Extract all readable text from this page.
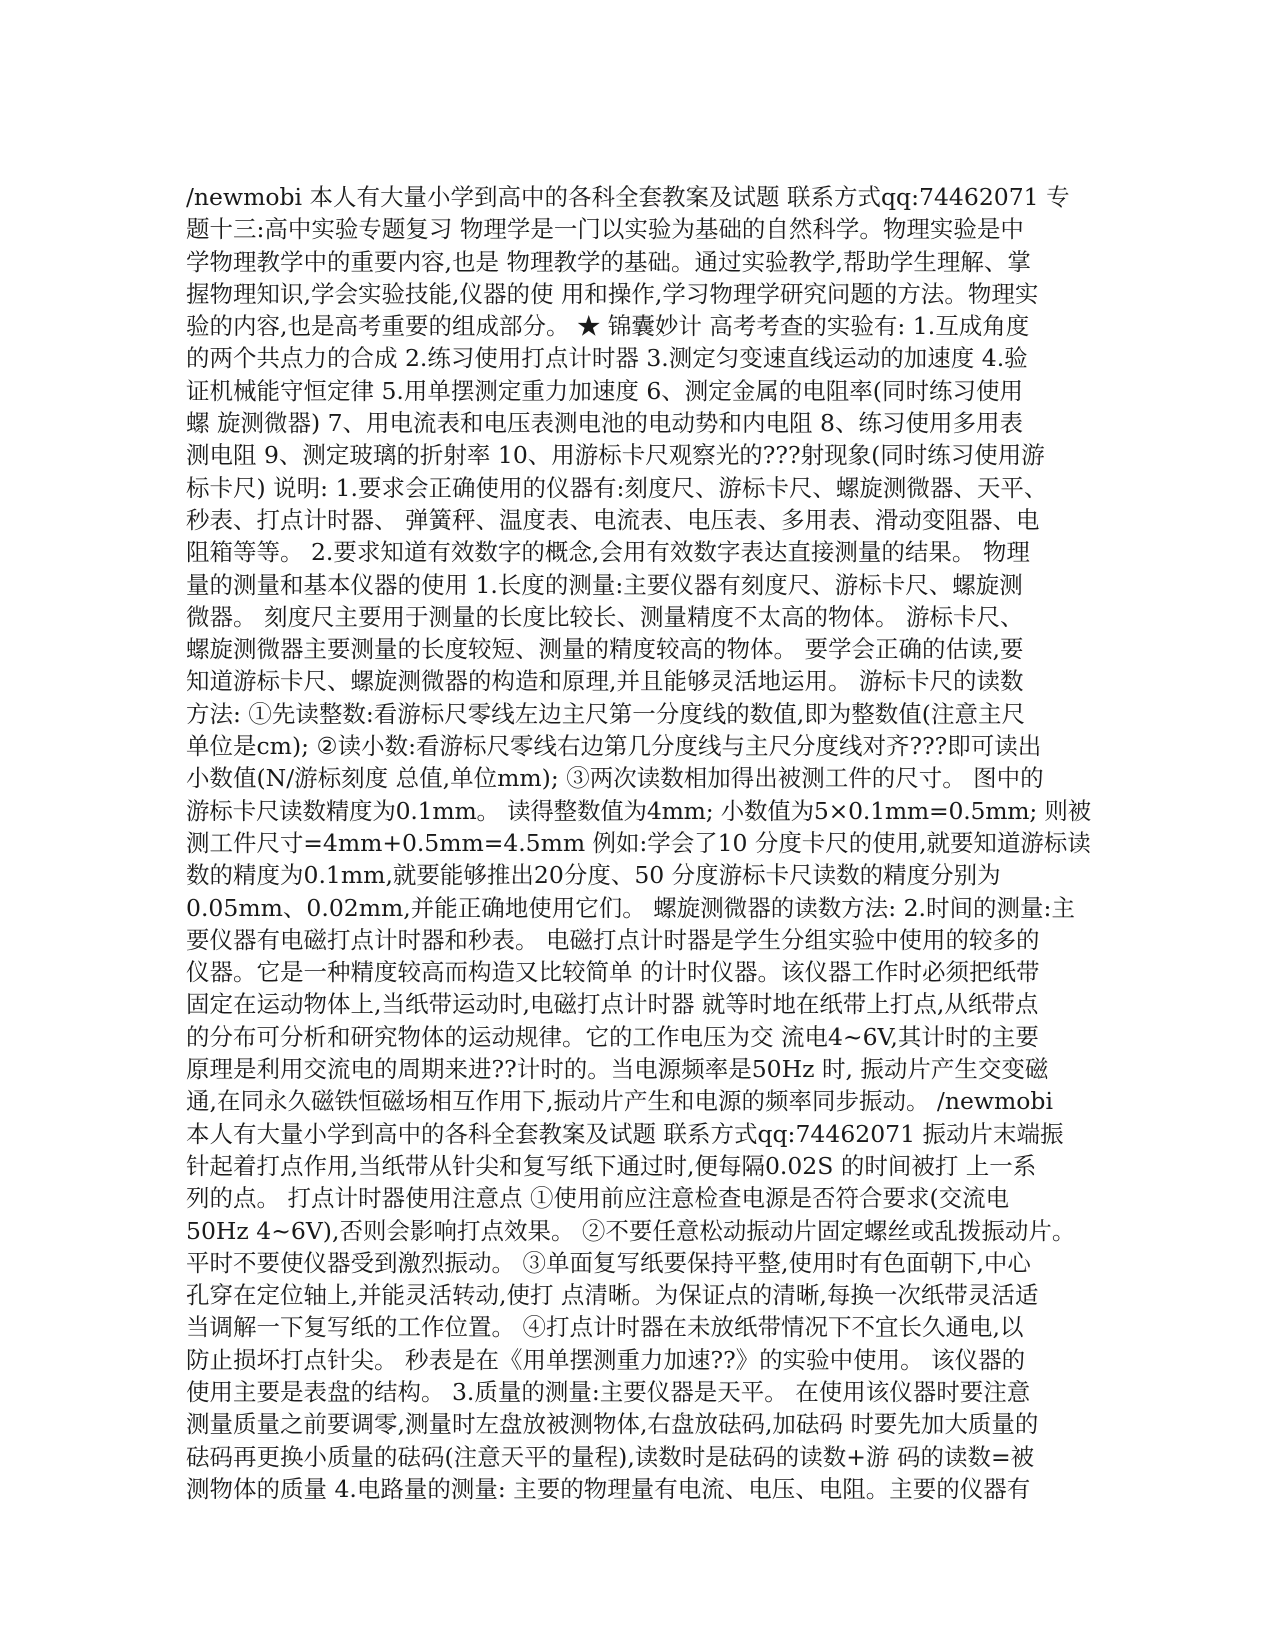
/newmobi 本人有大量小学到高中的各科全套教案及试题 联系方式qq:74462071 专
题十三:高中实验专题复习 物理学是一门以实验为基础的自然科学。物理实验是中
学物理教学中的重要内容,也是 物理教学的基础。通过实验教学,帮助学生理解、掌
握物理知识,学会实验技能,仪器的使 用和操作,学习物理学研究问题的方法。物理实
验的内容,也是高考重要的组成部分。 ★ 锦囊妙计 高考考查的实验有: 1.互成角度
的两个共点力的合成 2.练习使用打点计时器 3.测定匀变速直线运动的加速度 4.验
证机械能守恒定律 5.用单摆测定重力加速度 6、测定金属的电阻率(同时练习使用
螺 旋测微器) 7、用电流表和电压表测电池的电动势和内电阻 8、练习使用多用表
测电阻 9、测定玻璃的折射率 10、用游标卡尺观察光的???射现象(同时练习使用游
标卡尺) 说明: 1.要求会正确使用的仪器有:刻度尺、游标卡尺、螺旋测微器、天平、
秒表、打点计时器、 弹簧秤、温度表、电流表、电压表、多用表、滑动变阻器、电
阻箱等等。 2.要求知道有效数字的概念,会用有效数字表达直接测量的结果。 物理
量的测量和基本仪器的使用 1.长度的测量:主要仪器有刻度尺、游标卡尺、螺旋测
微器。 刻度尺主要用于测量的长度比较长、测量精度不太高的物体。 游标卡尺、
螺旋测微器主要测量的长度较短、测量的精度较高的物体。 要学会正确的估读,要
知道游标卡尺、螺旋测微器的构造和原理,并且能够灵活地运用。 游标卡尺的读数
方法: ①先读整数:看游标尺零线左边主尺第一分度线的数值,即为整数值(注意主尺
单位是cm); ②读小数:看游标尺零线右边第几分度线与主尺分度线对齐???即可读出
小数值(N/游标刻度 总值,单位mm); ③两次读数相加得出被测工件的尺寸。 图中的
游标卡尺读数精度为0.1mm。 读得整数值为4mm; 小数值为5×0.1mm=0.5mm; 则被
测工件尺寸=4mm+0.5mm=4.5mm 例如:学会了10 分度卡尺的使用,就要知道游标读
数的精度为0.1mm,就要能够推出20分度、50 分度游标卡尺读数的精度分别为
0.05mm、0.02mm,并能正确地使用它们。 螺旋测微器的读数方法: 2.时间的测量:主
要仪器有电磁打点计时器和秒表。 电磁打点计时器是学生分组实验中使用的较多的
仪器。它是一种精度较高而构造又比较简单 的计时仪器。该仪器工作时必须把纸带
固定在运动物体上,当纸带运动时,电磁打点计时器 就等时地在纸带上打点,从纸带点
的分布可分析和研究物体的运动规律。它的工作电压为交 流电4~6V,其计时的主要
原理是利用交流电的周期来进??计时的。当电源频率是50Hz 时, 振动片产生交变磁
通,在同永久磁铁恒磁场相互作用下,振动片产生和电源的频率同步振动。 /newmobi
本人有大量小学到高中的各科全套教案及试题 联系方式qq:74462071 振动片末端振
针起着打点作用,当纸带从针尖和复写纸下通过时,便每隔0.02S 的时间被打 上一系
列的点。 打点计时器使用注意点 ①使用前应注意检查电源是否符合要求(交流电
50Hz 4~6V),否则会影响打点效果。 ②不要任意松动振动片固定螺丝或乱拨振动片。
平时不要使仪器受到激烈振动。 ③单面复写纸要保持平整,使用时有色面朝下,中心
孔穿在定位轴上,并能灵活转动,使打 点清晰。为保证点的清晰,每换一次纸带灵活适
当调解一下复写纸的工作位置。 ④打点计时器在未放纸带情况下不宜长久通电,以
防止损坏打点针尖。 秒表是在《用单摆测重力加速??》的实验中使用。 该仪器的
使用主要是表盘的结构。 3.质量的测量:主要仪器是天平。 在使用该仪器时要注意
测量质量之前要调零,测量时左盘放被测物体,右盘放砝码,加砝码 时要先加大质量的
砝码再更换小质量的砝码(注意天平的量程),读数时是砝码的读数+游 码的读数=被
测物体的质量 4.电路量的测量: 主要的物理量有电流、电压、电阻。主要的仪器有
